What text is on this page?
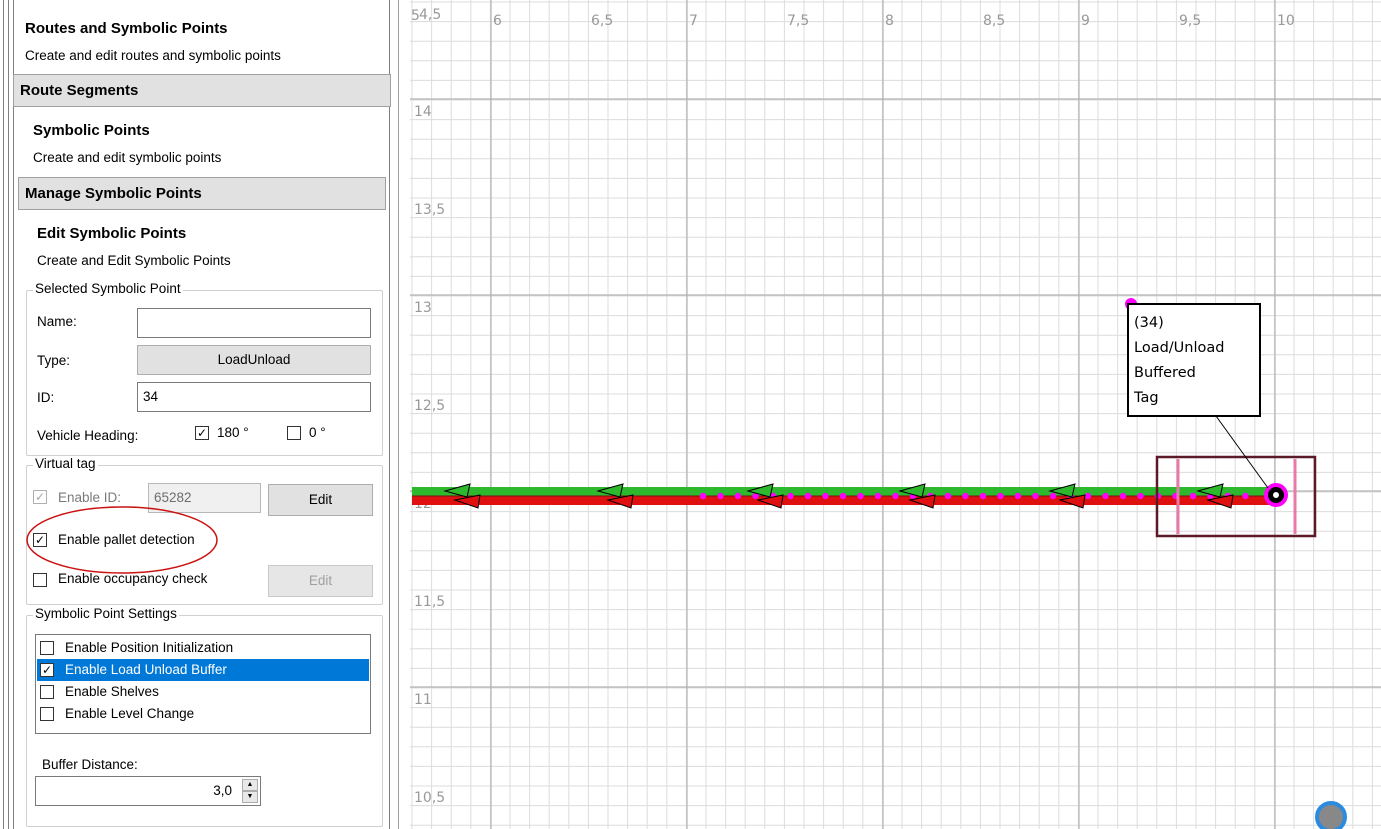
Routes and Symbolic Points
Create and edit routes and symbolic points
Route Segments
Symbolic Points
Create and edit symbolic points
Manage Symbolic Points
Edit Symbolic Points
Create and Edit Symbolic Points
Selected Symbolic Point
Name:
Type:	LoadUnload
ID:	34
Vehicle Heading:	✓ 180 °	0 °
Virtual tag
✓ Enable ID:	65282	Edit
✓ Enable pallet detection
Enable occupancy check	Edit
Symbolic Point Settings
Enable Position Initialization
✓ Enable Load Unload Buffer
Enable Shelves
Enable Level Change
Buffer Distance:
3,0	▲
▼
5 4,5	6	6,5	7	7,5	8	8,5	9	9,5	10
14
13,5
13
12,5
11,5
11
10,5
(34)
Load/Unload
Buffered
Tag
